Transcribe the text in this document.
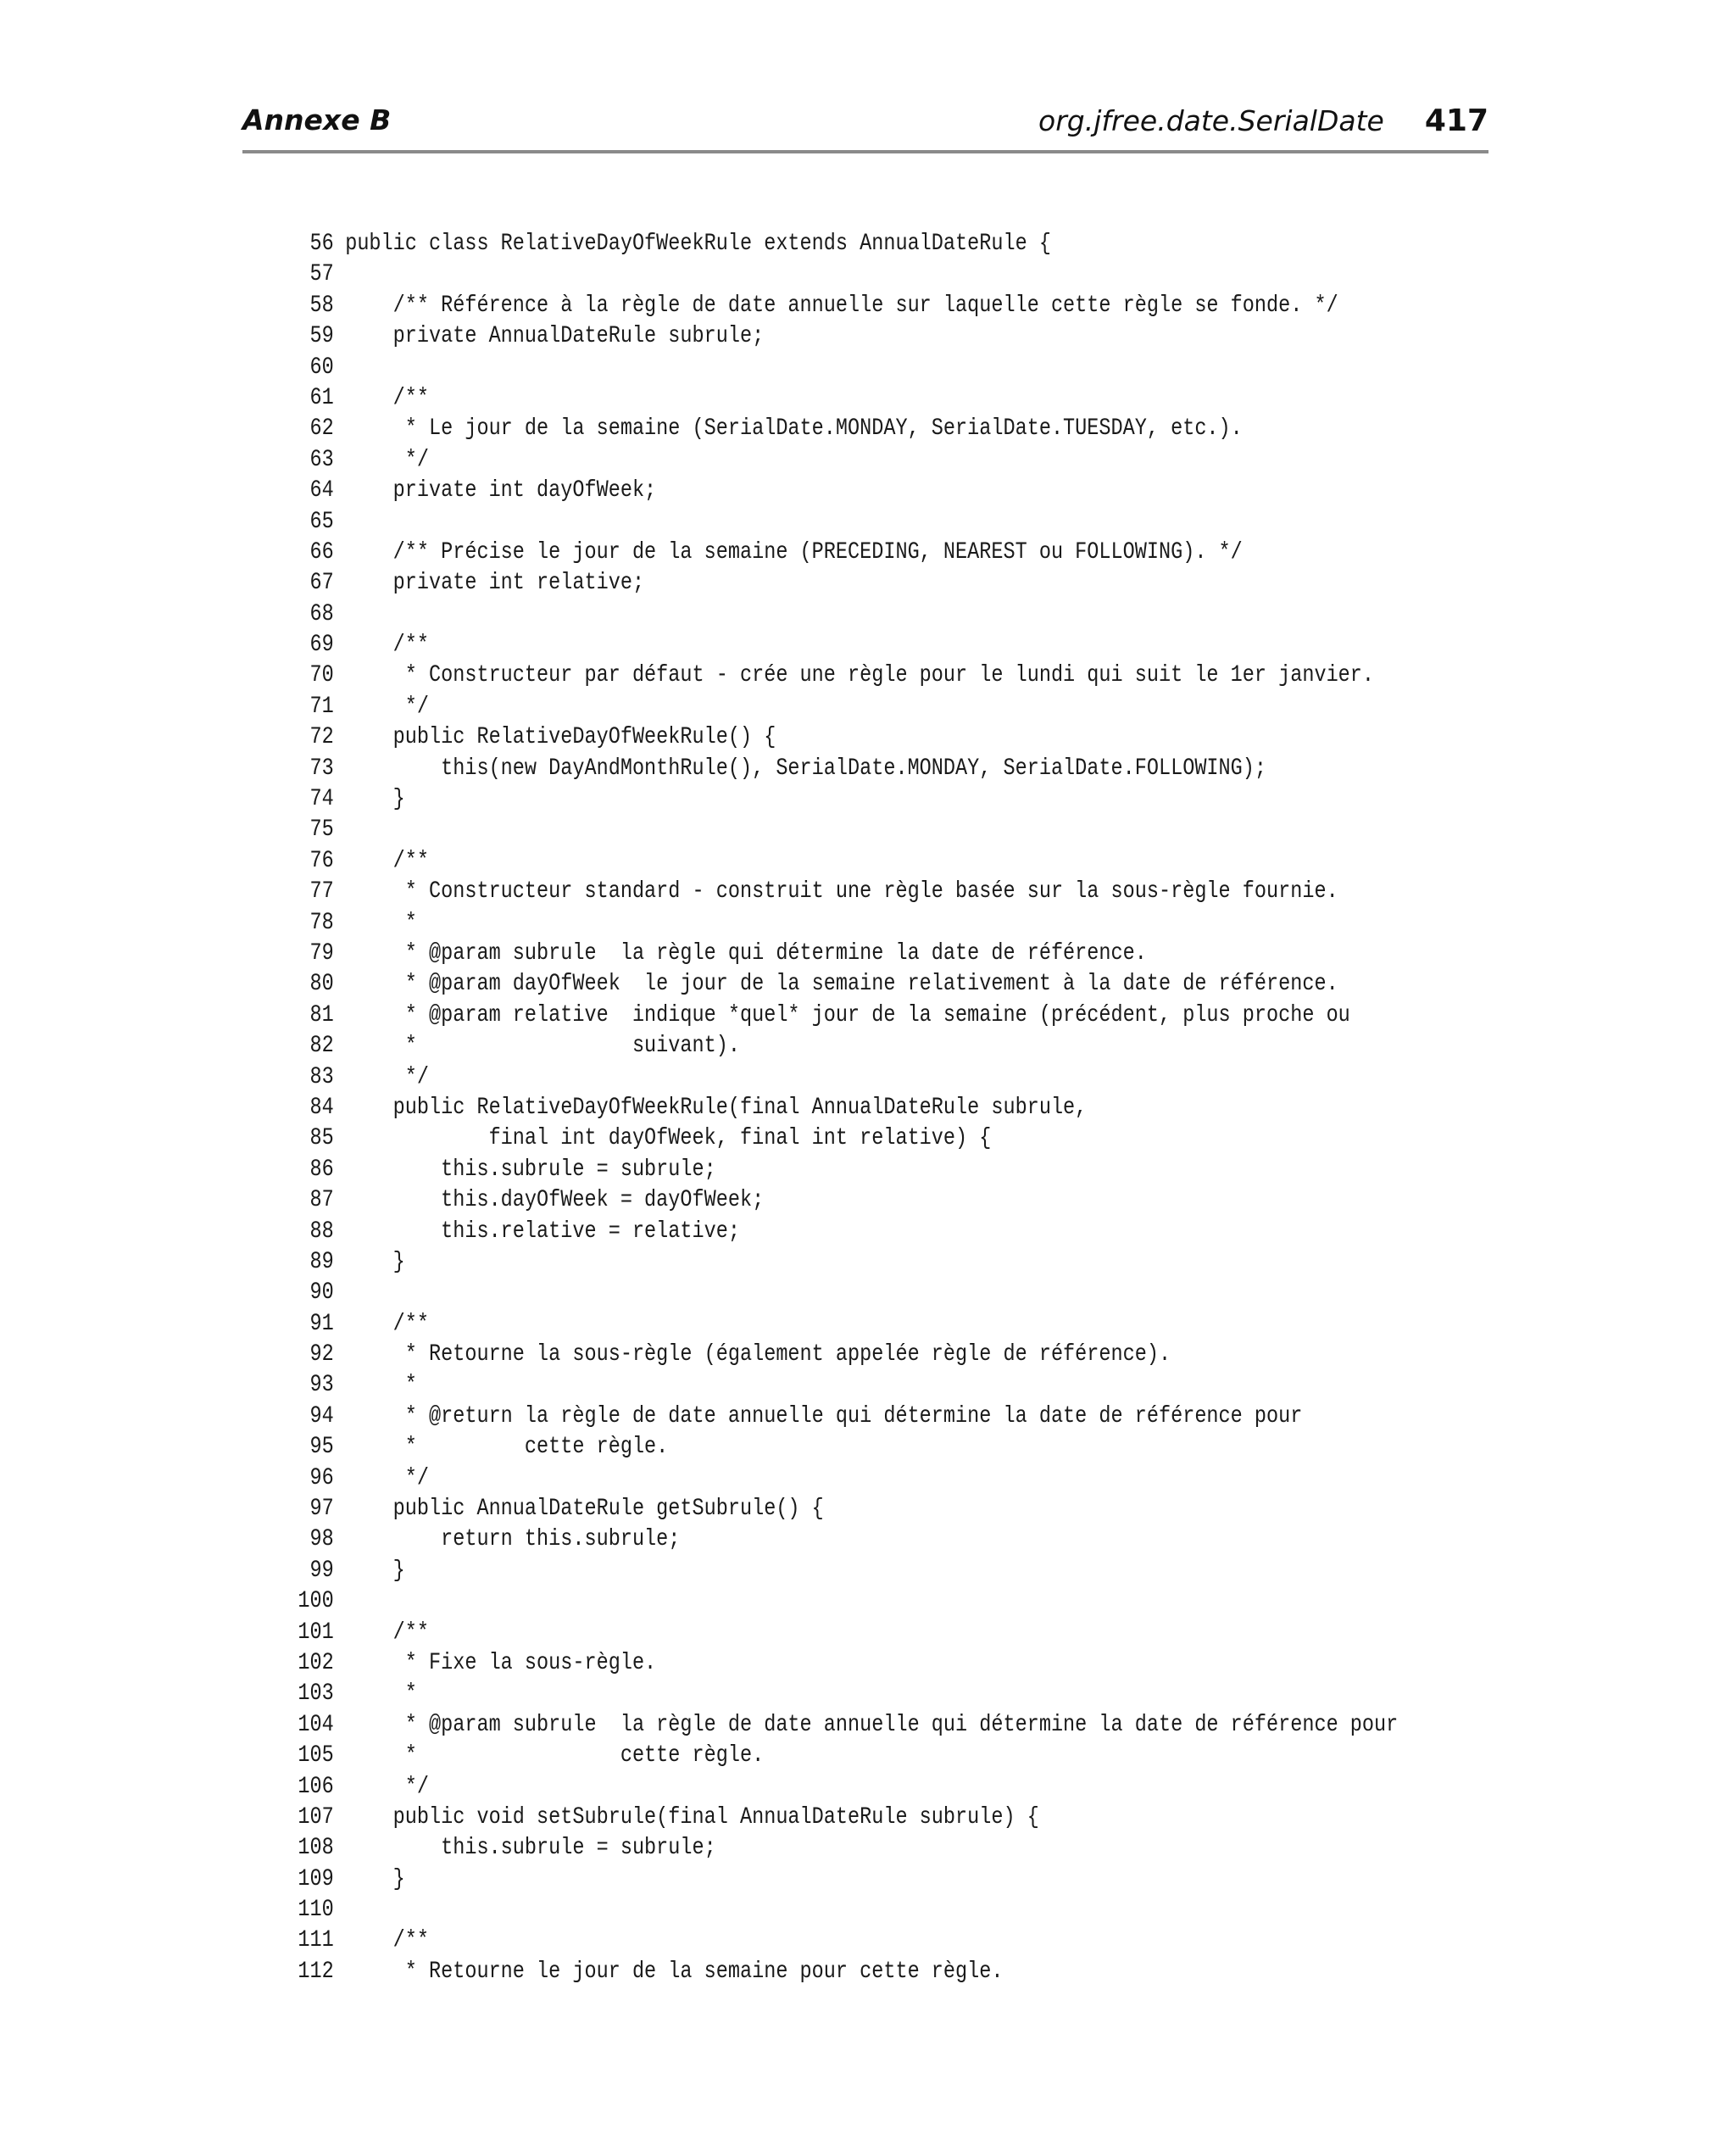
Annexe B	org.jfree.date.SerialDate 417
56 public class RelativeDayOfWeekRule extends AnnualDateRule {
57
58 /** Référence à la règle de date annuelle sur laquelle cette règle se fonde. */
59 private AnnualDateRule subrule;
60
61 /**
62 * Le jour de la semaine (SerialDate.MONDAY, SerialDate.TUESDAY, etc.).
63 */
64 private int dayOfWeek;
65
66 /** Précise le jour de la semaine (PRECEDING, NEAREST ou FOLLOWING). */
67 private int relative;
68
69 /**
70 * Constructeur par défaut - crée une règle pour le lundi qui suit le 1er janvier.
71 */
72 public RelativeDayOfWeekRule() {
73 this(new DayAndMonthRule(), SerialDate.MONDAY, SerialDate.FOLLOWING);
74 }
75
76 /**
77 * Constructeur standard - construit une règle basée sur la sous-règle fournie.
78 *
79 * @param subrule  la règle qui détermine la date de référence.
80 * @param dayOfWeek  le jour de la semaine relativement à la date de référence.
81 * @param relative  indique *quel* jour de la semaine (précédent, plus proche ou
82 *                  suivant).
83 */
84 public RelativeDayOfWeekRule(final AnnualDateRule subrule,
85 final int dayOfWeek, final int relative) {
86 this.subrule = subrule;
87 this.dayOfWeek = dayOfWeek;
88 this.relative = relative;
89 }
90
91 /**
92 * Retourne la sous-règle (également appelée règle de référence).
93 *
94 * @return la règle de date annuelle qui détermine la date de référence pour
95 *         cette règle.
96 */
97 public AnnualDateRule getSubrule() {
98 return this.subrule;
99 }
100
101 /**
102 * Fixe la sous-règle.
103 *
104 * @param subrule  la règle de date annuelle qui détermine la date de référence pour
105 *                 cette règle.
106 */
107 public void setSubrule(final AnnualDateRule subrule) {
108 this.subrule = subrule;
109 }
110
111 /**
112 * Retourne le jour de la semaine pour cette règle.
